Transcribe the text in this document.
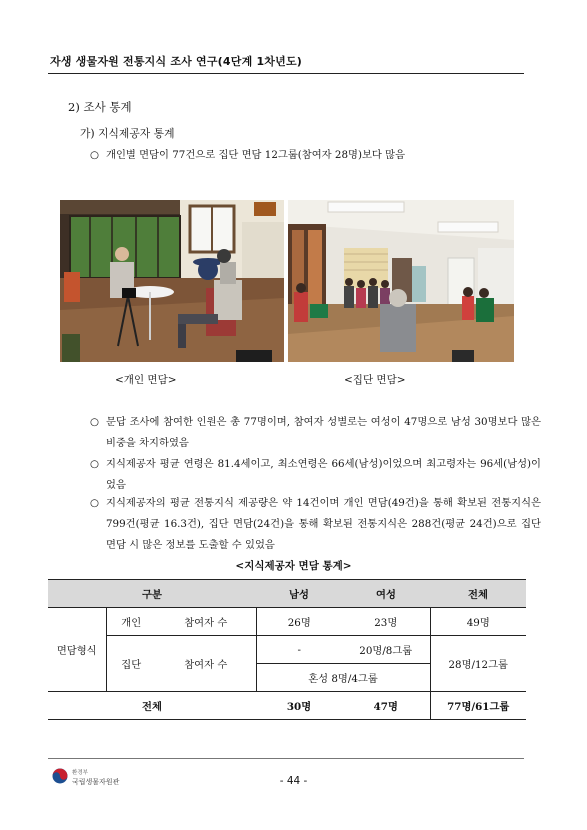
자생 생물자원 전통지식 조사 연구(4단계 1차년도)
2) 조사 통계
가) 지식제공자 통계
○ 개인별 면담이 77건으로 집단 면담 12그룹(참여자 28명)보다 많음
<개인 면담>	<집단 면담>
○ 문답 조사에 참여한 인원은 총 77명이며, 참여자 성별로는 여성이 47명으로 남성 30명보다 많은 비중을 차지하였음
○ 지식제공자 평균 연령은 81.4세이고, 최소연령은 66세(남성)이었으며 최고령자는 96세(남성)이었음
○ 지식제공자의 평균 전통지식 제공량은 약 14건이며 개인 면담(49건)을 통해 확보된 전통지식은 799건(평균 16.3건), 집단 면담(24건)을 통해 확보된 전통지식은 288건(평균 24건)으로 집단 면담 시 많은 정보를 도출할 수 있었음
<지식제공자 면담 통계>
구분			남성	여성	전체
면담형식	개인	참여자 수	26명	23명	49명
	집단	참여자 수	-	20명/8그룹	28명/12그룹
			혼성 8명/4그룹		
전체			30명	47명	77명/61그룹
환경부
국립생물자원관	- 44 -
